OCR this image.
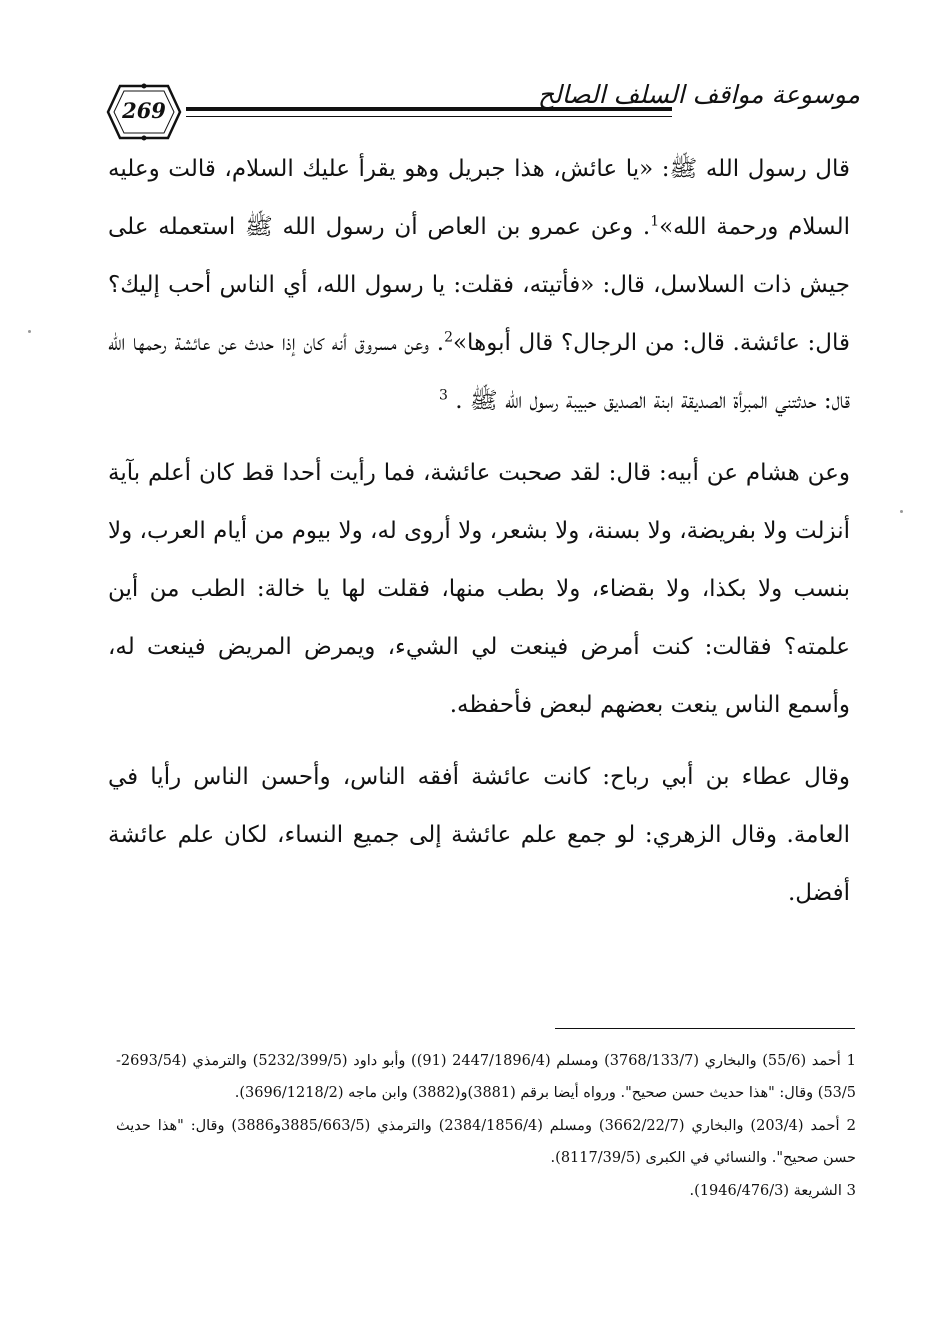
269
موسوعة مواقف السلف الصالح

قال رسول الله ﷺ: «يا عائش، هذا جبريل وهو يقرأ عليك السلام، قالت وعليه السلام ورحمة الله»$^1$. وعن عمرو بن العاص أن رسول الله ﷺ استعمله على جيش ذات السلاسل، قال: «فأتيته، فقلت: يا رسول الله، أي الناس أحب إليك؟ قال: عائشة. قال: من الرجال؟ قال أبوها»$^2$. وعن مسروق أنه كان إذا حدث عن عائشة رحمها الله قال: حدثتني المبرأة الصديقة ابنة الصديق حبيبة رسول الله ﷺ . $^3$

وعن هشام عن أبيه: قال: لقد صحبت عائشة، فما رأيت أحدا قط كان أعلم بآية أنزلت ولا بفريضة، ولا بسنة، ولا بشعر، ولا أروى له، ولا بيوم من أيام العرب، ولا بنسب ولا بكذا، ولا بقضاء، ولا بطب منها، فقلت لها يا خالة: الطب من أين علمته؟ فقالت: كنت أمرض فينعت لي الشيء، ويمرض المريض فينعت له، وأسمع الناس ينعت بعضهم لبعض فأحفظه.

وقال عطاء بن أبي رباح: كانت عائشة أفقه الناس، وأحسن الناس رأيا في العامة. وقال الزهري: لو جمع علم عائشة إلى جميع النساء، لكان علم عائشة أفضل.

1 أحمد (55/6) والبخاري (3768/133/7) ومسلم (2447/1896/4 (91)) وأبو داود (5232/399/5) والترمذي (2693/54-53/5) وقال: "هذا حديث حسن صحيح". ورواه أيضا برقم (3881)و(3882) وابن ماجه (3696/1218/2).

2 أحمد (203/4) والبخاري (3662/22/7) ومسلم (2384/1856/4) والترمذي (3885/663/5و3886) وقال: "هذا حديث حسن صحيح". والنسائي في الكبرى (8117/39/5).

3 الشريعة (1946/476/3).
